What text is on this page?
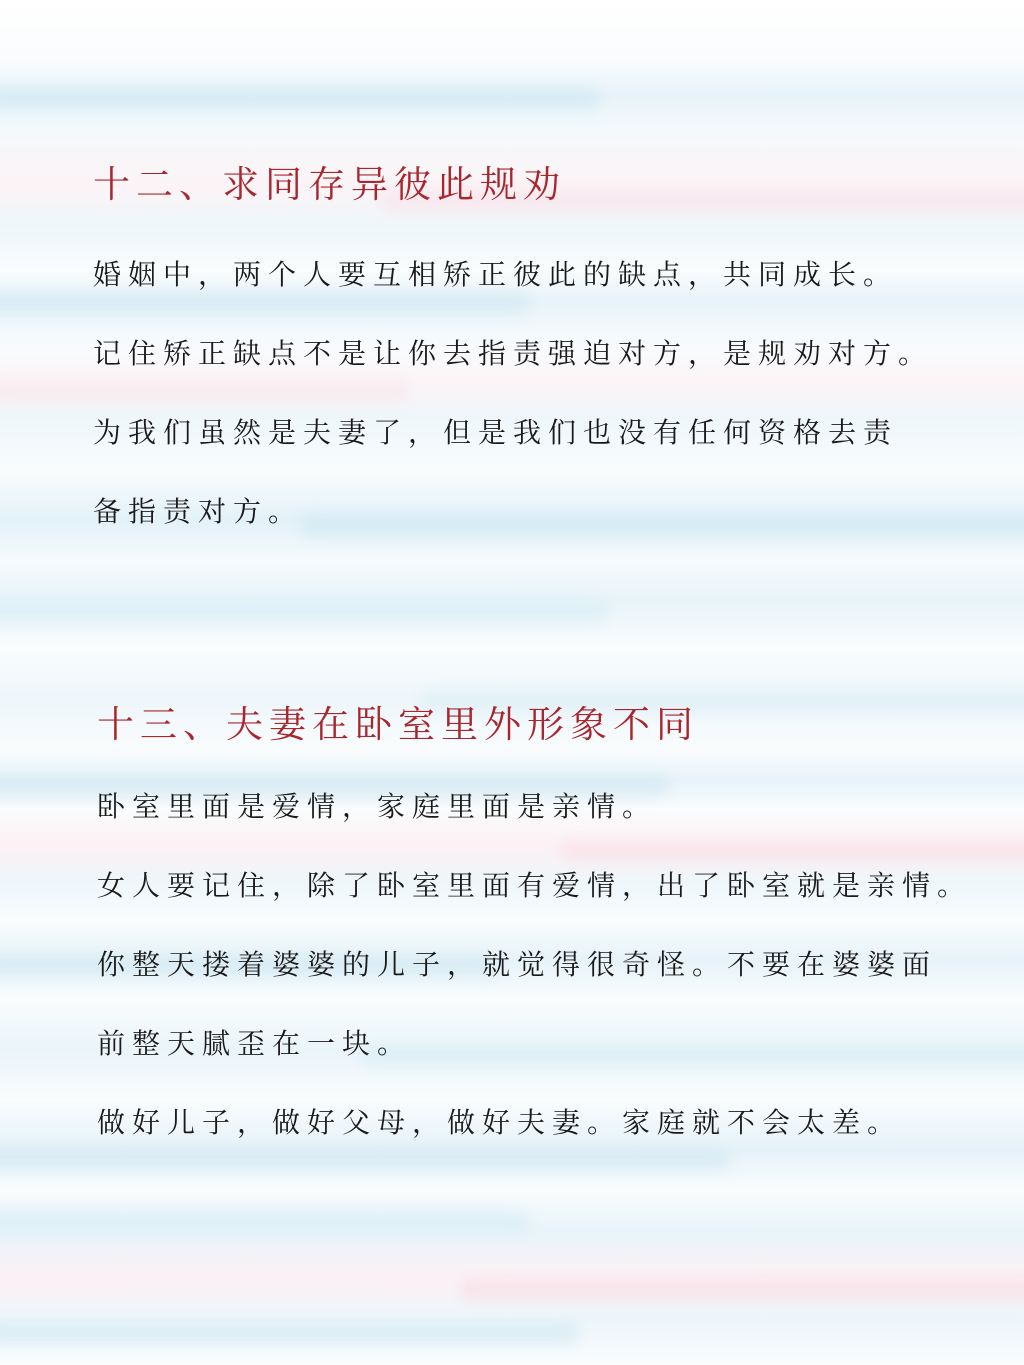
十二、求同存异彼此规劝

婚姻中，两个人要互相矫正彼此的缺点，共同成长。

记住矫正缺点不是让你去指责强迫对方，是规劝对方。

为我们虽然是夫妻了，但是我们也没有任何资格去责

备指责对方。

十三、夫妻在卧室里外形象不同

卧室里面是爱情，家庭里面是亲情。

女人要记住，除了卧室里面有爱情，出了卧室就是亲情。

你整天搂着婆婆的儿子，就觉得很奇怪。不要在婆婆面

前整天腻歪在一块。

做好儿子，做好父母，做好夫妻。家庭就不会太差。
